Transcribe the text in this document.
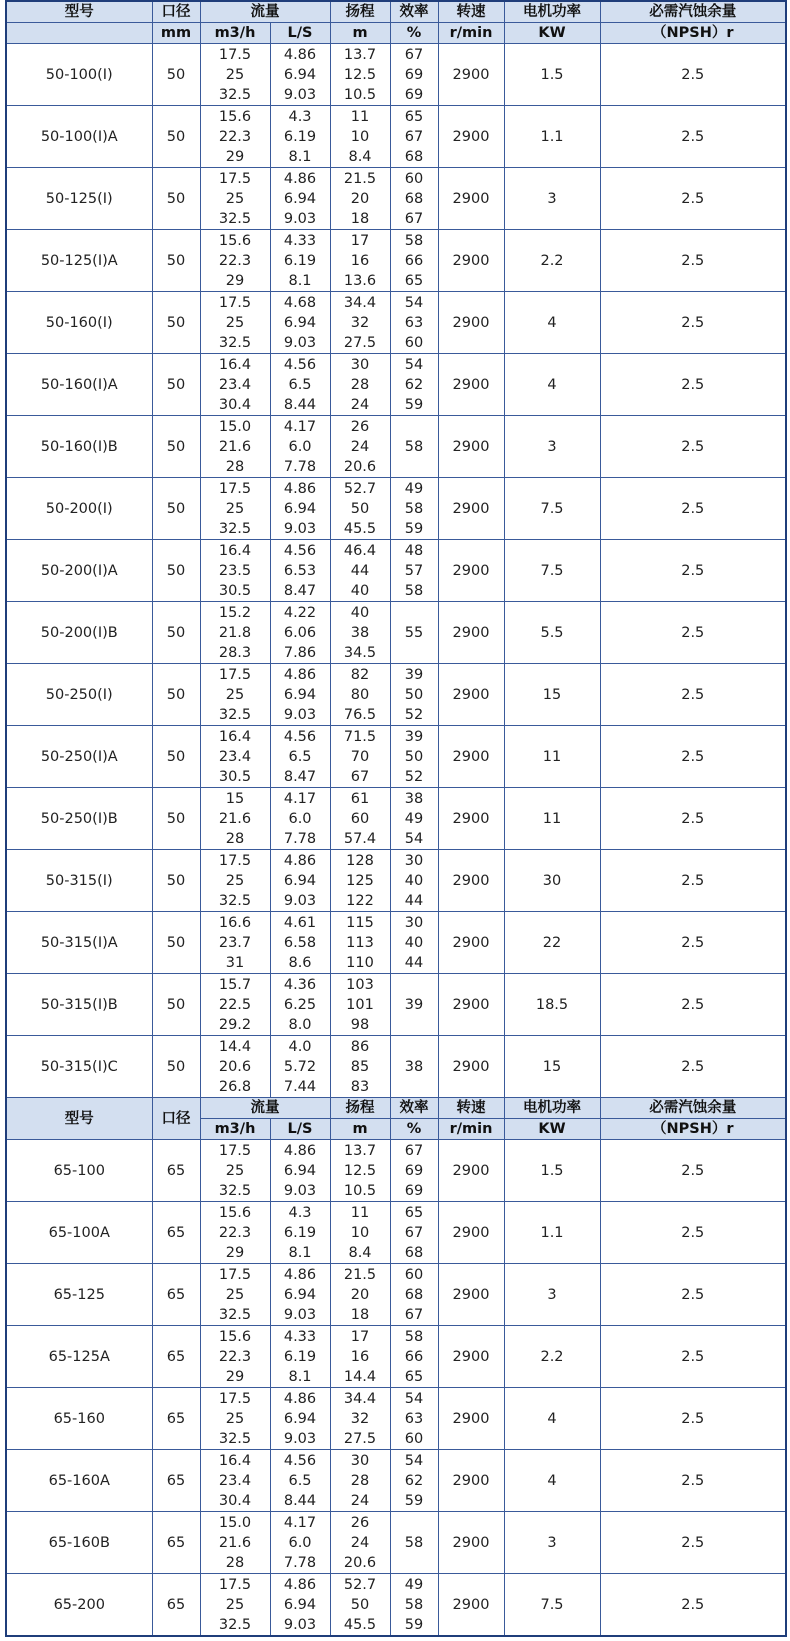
型号	口径	流量		扬程	效率	转速	电机功率	必需汽蚀余量
	mm	m3/h	L/S	m	%	r/min	KW	（NPSH）r
50-100(I)	50	17.5
25
32.5	4.86
6.94
9.03	13.7
12.5
10.5	67
69
69	2900	1.5	2.5
50-100(I)A	50	15.6
22.3
29	4.3
6.19
8.1	11
10
8.4	65
67
68	2900	1.1	2.5
50-125(I)	50	17.5
25
32.5	4.86
6.94
9.03	21.5
20
18	60
68
67	2900	3	2.5
50-125(I)A	50	15.6
22.3
29	4.33
6.19
8.1	17
16
13.6	58
66
65	2900	2.2	2.5
50-160(I)	50	17.5
25
32.5	4.68
6.94
9.03	34.4
32
27.5	54
63
60	2900	4	2.5
50-160(I)A	50	16.4
23.4
30.4	4.56
6.5
8.44	30
28
24	54
62
59	2900	4	2.5
50-160(I)B	50	15.0
21.6
28	4.17
6.0
7.78	26
24
20.6	58	2900	3	2.5
50-200(I)	50	17.5
25
32.5	4.86
6.94
9.03	52.7
50
45.5	49
58
59	2900	7.5	2.5
50-200(I)A	50	16.4
23.5
30.5	4.56
6.53
8.47	46.4
44
40	48
57
58	2900	7.5	2.5
50-200(I)B	50	15.2
21.8
28.3	4.22
6.06
7.86	40
38
34.5	55	2900	5.5	2.5
50-250(I)	50	17.5
25
32.5	4.86
6.94
9.03	82
80
76.5	39
50
52	2900	15	2.5
50-250(I)A	50	16.4
23.4
30.5	4.56
6.5
8.47	71.5
70
67	39
50
52	2900	11	2.5
50-250(I)B	50	15
21.6
28	4.17
6.0
7.78	61
60
57.4	38
49
54	2900	11	2.5
50-315(I)	50	17.5
25
32.5	4.86
6.94
9.03	128
125
122	30
40
44	2900	30	2.5
50-315(I)A	50	16.6
23.7
31	4.61
6.58
8.6	115
113
110	30
40
44	2900	22	2.5
50-315(I)B	50	15.7
22.5
29.2	4.36
6.25
8.0	103
101
98	39	2900	18.5	2.5
50-315(I)C	50	14.4
20.6
26.8	4.0
5.72
7.44	86
85
83	38	2900	15	2.5
型号	口径	流量		扬程	效率	转速	电机功率	必需汽蚀余量
		m3/h	L/S	m	%	r/min	KW	（NPSH）r
65-100	65	17.5
25
32.5	4.86
6.94
9.03	13.7
12.5
10.5	67
69
69	2900	1.5	2.5
65-100A	65	15.6
22.3
29	4.3
6.19
8.1	11
10
8.4	65
67
68	2900	1.1	2.5
65-125	65	17.5
25
32.5	4.86
6.94
9.03	21.5
20
18	60
68
67	2900	3	2.5
65-125A	65	15.6
22.3
29	4.33
6.19
8.1	17
16
14.4	58
66
65	2900	2.2	2.5
65-160	65	17.5
25
32.5	4.86
6.94
9.03	34.4
32
27.5	54
63
60	2900	4	2.5
65-160A	65	16.4
23.4
30.4	4.56
6.5
8.44	30
28
24	54
62
59	2900	4	2.5
65-160B	65	15.0
21.6
28	4.17
6.0
7.78	26
24
20.6	58	2900	3	2.5
65-200	65	17.5
25
32.5	4.86
6.94
9.03	52.7
50
45.5	49
58
59	2900	7.5	2.5
